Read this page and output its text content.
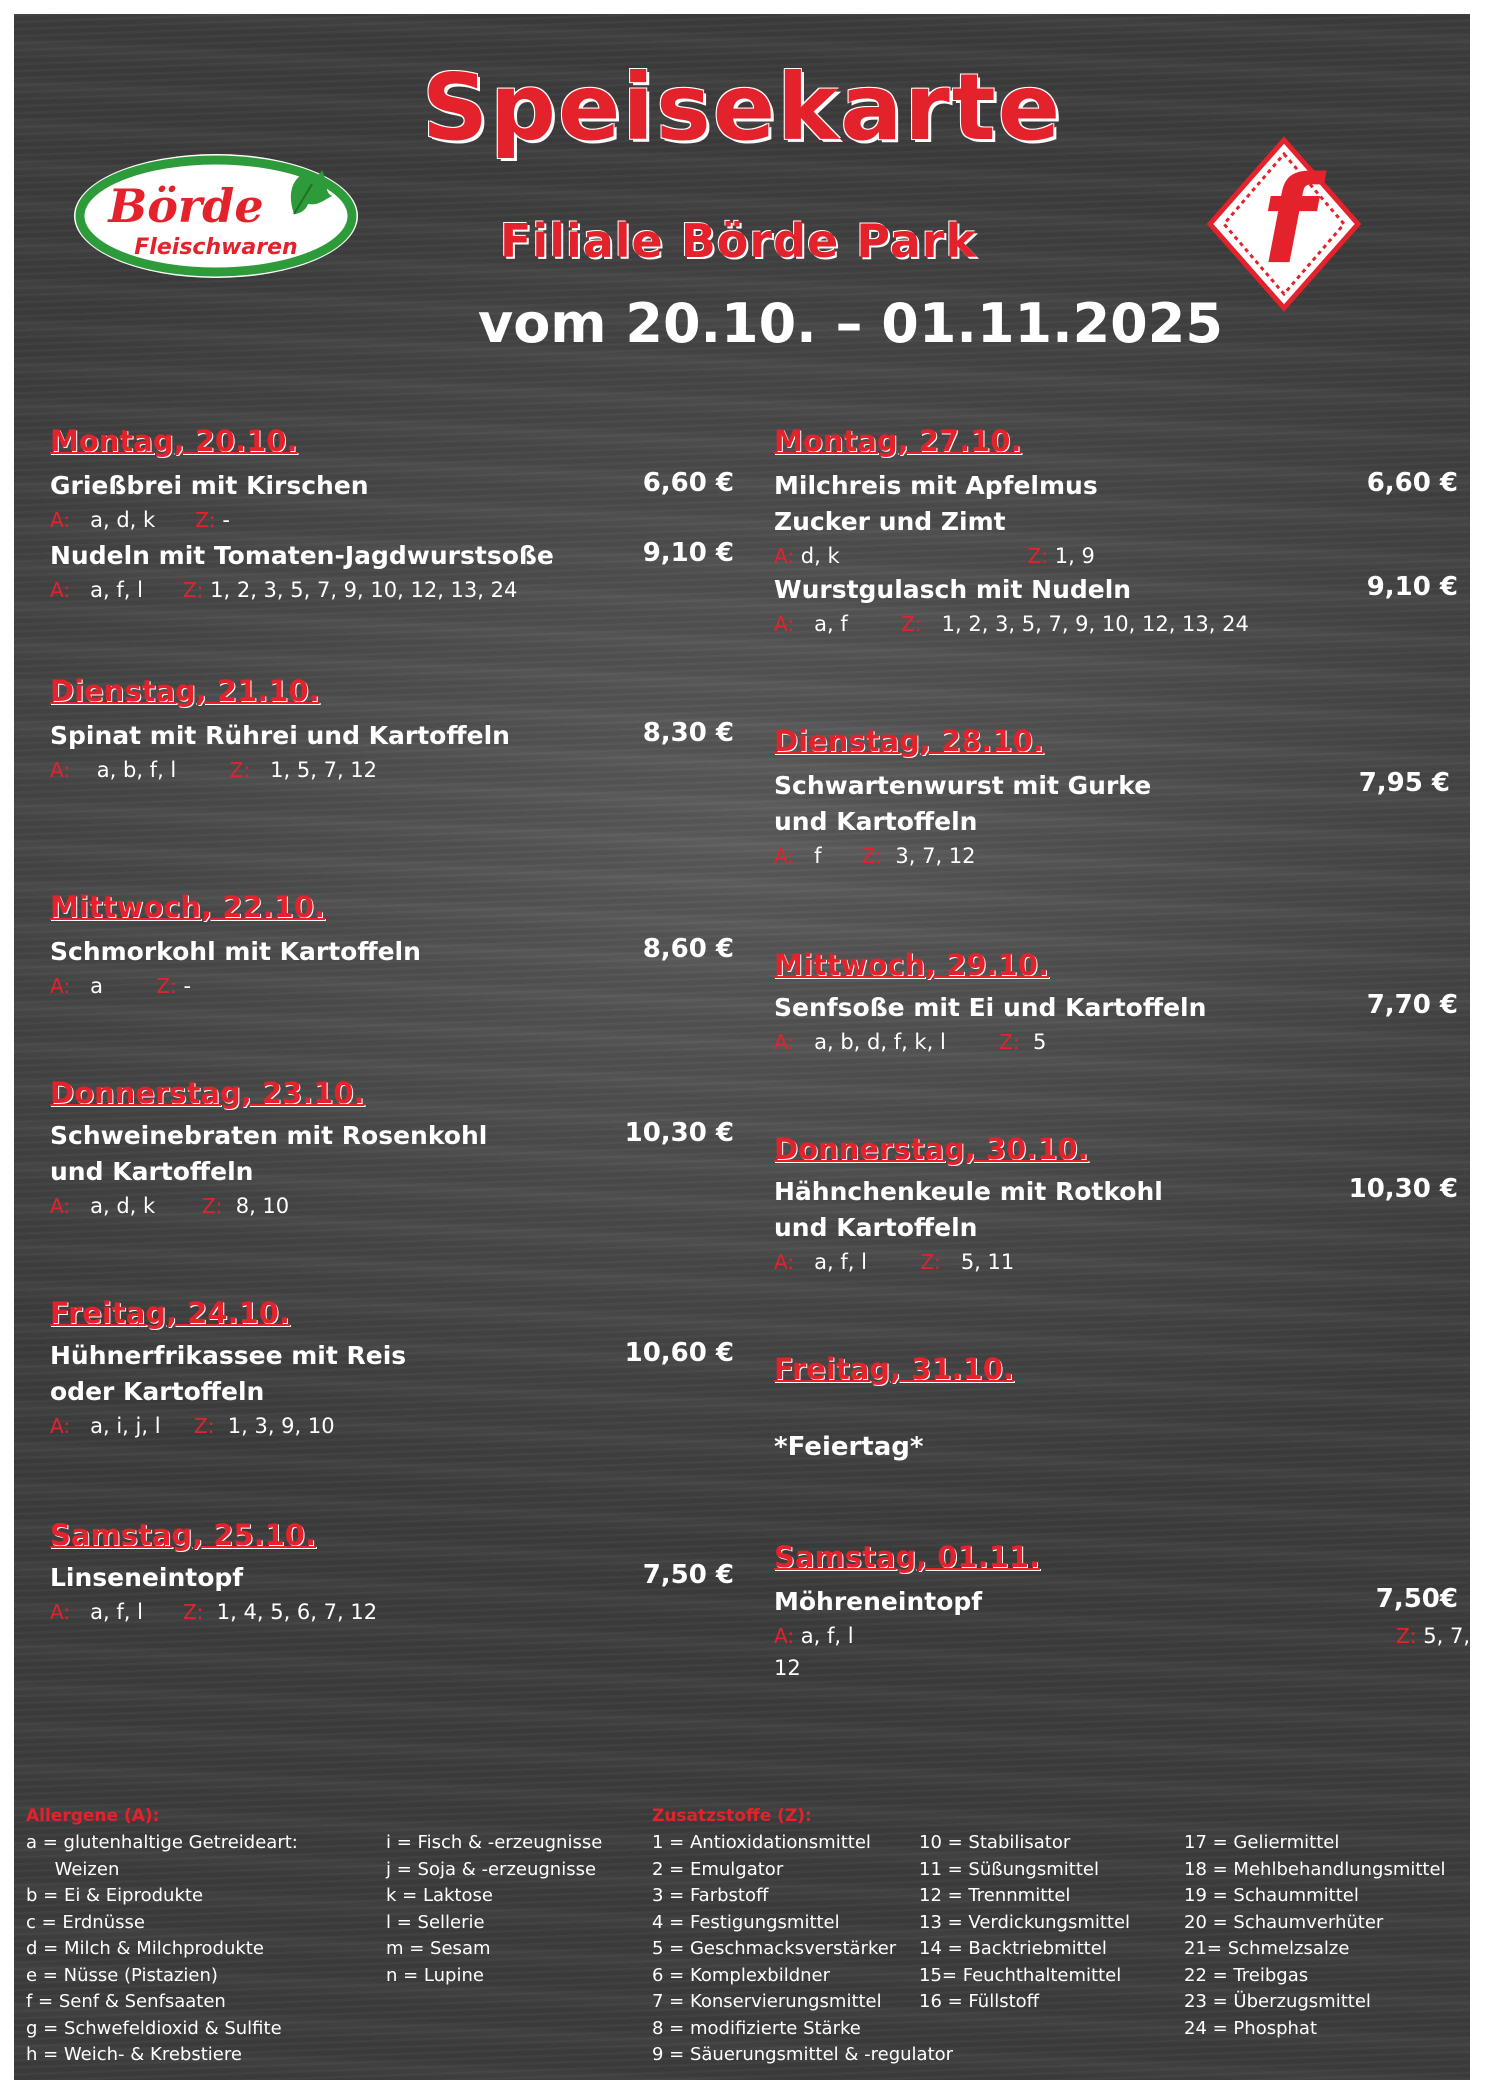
Speisekarte
Filiale Börde Park
vom 20.10. – 01.11.2025
Börde
Fleischwaren	f
Montag, 20.10.
Grießbrei mit Kirschen	6,60 €
A: a, d, k Z: -
Nudeln mit Tomaten-Jagdwurstsoße	9,10 €
A: a, f, l Z: 1, 2, 3, 5, 7, 9, 10, 12, 13, 24
Dienstag, 21.10.
Spinat mit Rührei und Kartoffeln	8,30 €
A: a, b, f, l	Z: 1, 5, 7, 12
Mittwoch, 22.10.
Schmorkohl mit Kartoffeln	8,60 €
A: a	Z: -
Donnerstag, 23.10.
Schweinebraten mit Rosenkohl
und Kartoffeln
10,30 €
A: a, d, k Z: 8, 10
Freitag, 24.10.
Hühnerfrikassee mit Reis
oder Kartoffeln
10,60 €
A: a, i, j, l Z: 1, 3, 9, 10
Samstag, 25.10.
Linseneintopf	7,50 €
A: a, f, l Z: 1, 4, 5, 6, 7, 12
Montag, 27.10.
Milchreis mit Apfelmus
Zucker und Zimt
6,60 €
A: d, k	Z: 1, 9
Wurstgulasch mit Nudeln	9,10 €
A: a, f	Z: 1, 2, 3, 5, 7, 9, 10, 12, 13, 24
Dienstag, 28.10.
Schwartenwurst mit Gurke
und Kartoffeln
7,95 €
A: f Z: 3, 7, 12
Mittwoch, 29.10.
Senfsoße mit Ei und Kartoffeln	7,70 €
A: a, b, d, f, k, l	Z: 5
Donnerstag, 30.10.
Hähnchenkeule mit Rotkohl
und Kartoffeln
10,30 €
A: a, f, l	Z: 5, 11
Freitag, 31.10.
*Feiertag*
Samstag, 01.11.
Möhreneintopf	7,50€
A: a, f, l	Z: 5, 7,
12
Allergene (A):
a = glutenhaltige Getreideart:
Weizen
b = Ei & Eiprodukte
c = Erdnüsse
d = Milch & Milchprodukte
e = Nüsse (Pistazien)
f = Senf & Senfsaaten
g = Schwefeldioxid & Sulfite
h = Weich- & Krebstiere
i = Fisch & -erzeugnisse
j = Soja & -erzeugnisse
k = Laktose
l = Sellerie
m = Sesam
n = Lupine
Zusatzstoffe (Z):
1 = Antioxidationsmittel
2 = Emulgator
3 = Farbstoff
4 = Festigungsmittel
5 = Geschmacksverstärker
6 = Komplexbildner
7 = Konservierungsmittel
8 = modifizierte Stärke
9 = Säuerungsmittel & -regulator
10 = Stabilisator
11 = Süßungsmittel
12 = Trennmittel
13 = Verdickungsmittel
14 = Backtriebmittel
15= Feuchthaltemittel
16 = Füllstoff
17 = Geliermittel
18 = Mehlbehandlungsmittel
19 = Schaummittel
20 = Schaumverhüter
21= Schmelzsalze
22 = Treibgas
23 = Überzugsmittel
24 = Phosphat
